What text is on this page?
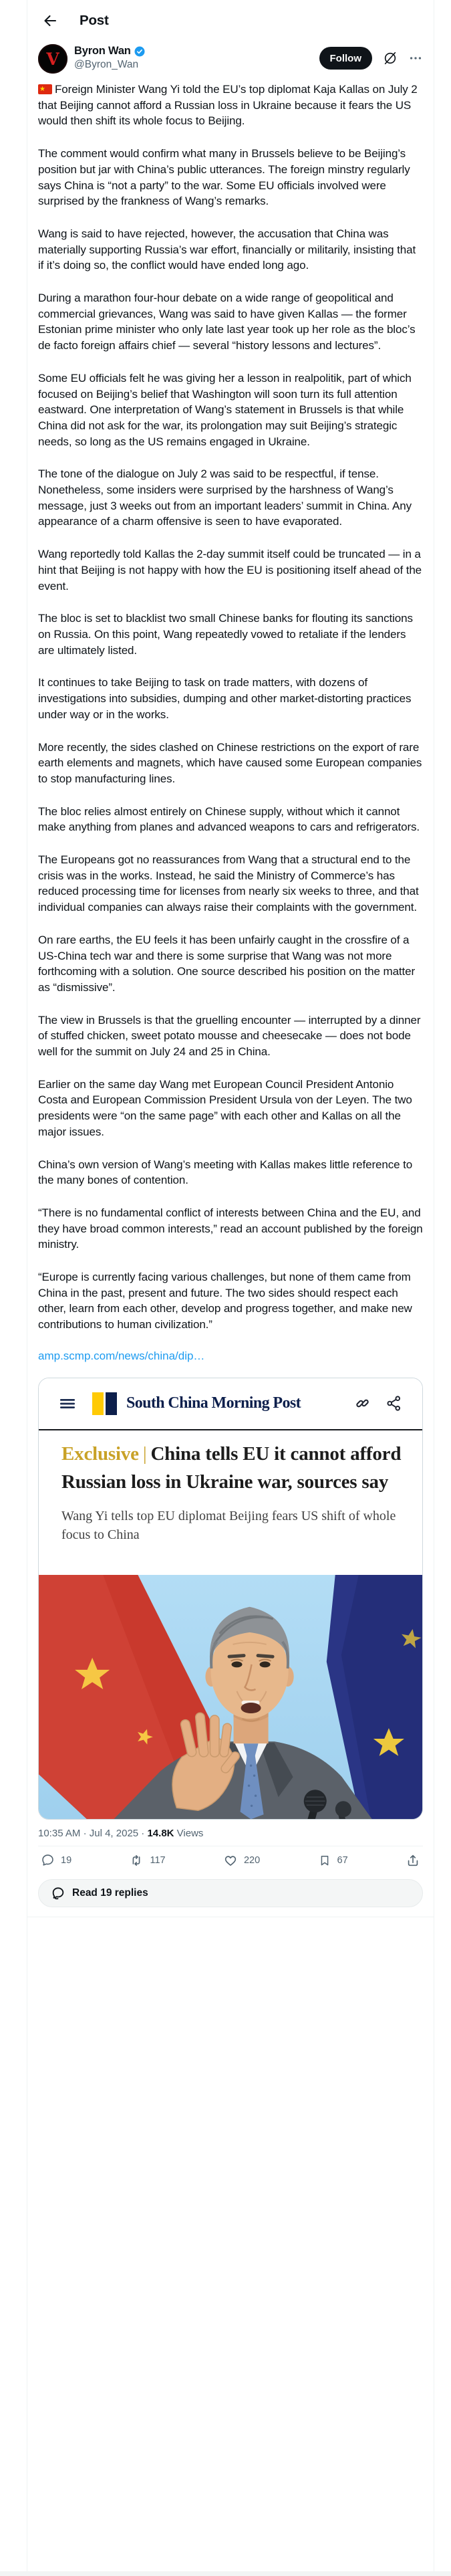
Post
V Byron Wan
@Byron_Wan
Follow

★ Foreign Minister Wang Yi told the EU’s top diplomat Kaja Kallas on July 2 that Beijing cannot afford a Russian loss in Ukraine because it fears the US would then shift its whole focus to Beijing.

The comment would confirm what many in Brussels believe to be Beijing’s position but jar with China’s public utterances. The foreign minstry regularly says China is “not a party” to the war. Some EU officials involved were surprised by the frankness of Wang’s remarks.

Wang is said to have rejected, however, the accusation that China was materially supporting Russia’s war effort, financially or militarily, insisting that if it’s doing so, the conflict would have ended long ago.

During a marathon four-hour debate on a wide range of geopolitical and commercial grievances, Wang was said to have given Kallas — the former Estonian prime minister who only late last year took up her role as the bloc’s de facto foreign affairs chief — several “history lessons and lectures”.

Some EU officials felt he was giving her a lesson in realpolitik, part of which focused on Beijing’s belief that Washington will soon turn its full attention eastward. One interpretation of Wang’s statement in Brussels is that while China did not ask for the war, its prolongation may suit Beijing’s strategic needs, so long as the US remains engaged in Ukraine.

The tone of the dialogue on July 2 was said to be respectful, if tense. Nonetheless, some insiders were surprised by the harshness of Wang’s message, just 3 weeks out from an important leaders’ summit in China. Any appearance of a charm offensive is seen to have evaporated.

Wang reportedly told Kallas the 2-day summit itself could be truncated — in a hint that Beijing is not happy with how the EU is positioning itself ahead of the event.

The bloc is set to blacklist two small Chinese banks for flouting its sanctions on Russia. On this point, Wang repeatedly vowed to retaliate if the lenders are ultimately listed.

It continues to take Beijing to task on trade matters, with dozens of investigations into subsidies, dumping and other market-distorting practices under way or in the works.

More recently, the sides clashed on Chinese restrictions on the export of rare earth elements and magnets, which have caused some European companies to stop manufacturing lines.

The bloc relies almost entirely on Chinese supply, without which it cannot make anything from planes and advanced weapons to cars and refrigerators.

The Europeans got no reassurances from Wang that a structural end to the crisis was in the works. Instead, he said the Ministry of Commerce’s has reduced processing time for licenses from nearly six weeks to three, and that individual companies can always raise their complaints with the government.

On rare earths, the EU feels it has been unfairly caught in the crossfire of a US-China tech war and there is some surprise that Wang was not more forthcoming with a solution. One source described his position on the matter as “dismissive”.

The view in Brussels is that the gruelling encounter — interrupted by a dinner of stuffed chicken, sweet potato mousse and cheesecake — does not bode well for the summit on July 24 and 25 in China.

Earlier on the same day Wang met European Council President Antonio Costa and European Commission President Ursula von der Leyen. The two presidents were “on the same page” with each other and Kallas on all the major issues.

China’s own version of Wang’s meeting with Kallas makes little reference to the many bones of contention.

“There is no fundamental conflict of interests between China and the EU, and they have broad common interests,” read an account published by the foreign ministry.

“Europe is currently facing various challenges, but none of them came from China in the past, present and future. The two sides should respect each other, learn from each other, develop and progress together, and make new contributions to human civilization.”

amp.scmp.com/news/china/dip…
South China Morning Post
Exclusive | China tells EU it cannot afford Russian loss in Ukraine war, sources say
Wang Yi tells top EU diplomat Beijing fears US shift of whole focus to China
10:35 AM · Jul 4, 2025 · 14.8K Views
19	117	220	67
Read 19 replies
